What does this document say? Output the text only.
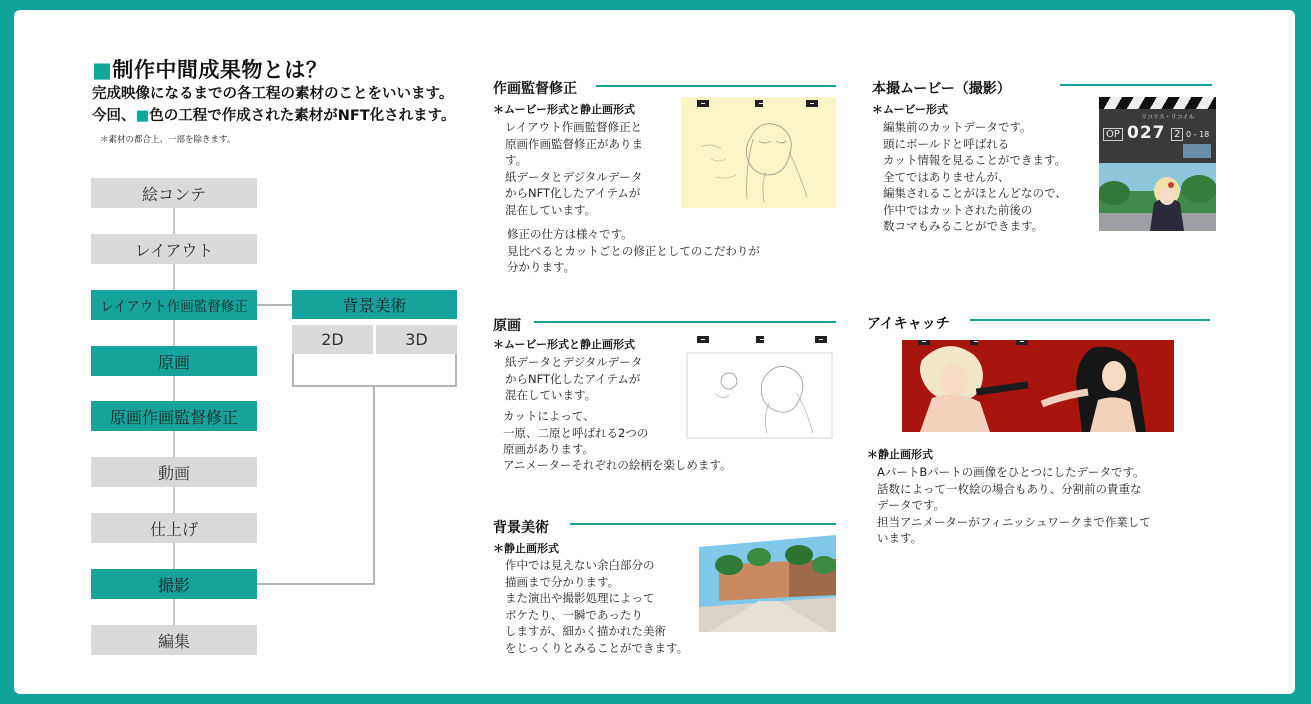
■制作中間成果物とは？
完成映像になるまでの各工程の素材のことをいいます。今回、■色の工程で作成された素材がNFT化されます。＊素材の都合上、一部を除きます。
絵コンテ
レイアウト
レイアウト作画監督修正
原画
原画作画監督修正
動画
仕上げ
撮影
編集
背景美術
2D	3D
作画監督修正
＊ムービー形式と静止画形式
レイアウト作画監督修正と
原画作画監督修正がありま
す。
紙データとデジタルデータ
からNFT化したアイテムが
混在しています。
修正の仕方は様々です。
見比べるとカットごとの修正としてのこだわりが
分かります。
原画
＊ムービー形式と静止画形式
紙データとデジタルデータ
からNFT化したアイテムが
混在しています。
カットによって、
一原、二原と呼ばれる2つの
原画があります。
アニメーターそれぞれの絵柄を楽しめます。
背景美術
＊静止画形式
作中では見えない余白部分の
描画まで分かります。
また演出や撮影処理によって
ボケたり、一瞬であったり
しますが、細かく描かれた美術
をじっくりとみることができます。
本撮ムービー（撮影）
＊ムービー形式
編集前のカットデータです。
頭にボールドと呼ばれる
カット情報を見ることができます。
全てではありませんが、
編集されることがほとんどなので、
作中ではカットされた前後の
数コマもみることができます。
リコリス・リコイル
OP 027 2 0 - 18
アイキャッチ
＊静止画形式
AパートBパートの画像をひとつにしたデータです。
話数によって一枚絵の場合もあり、分割前の貴重な
データです。
担当アニメーターがフィニッシュワークまで作業して
います。
